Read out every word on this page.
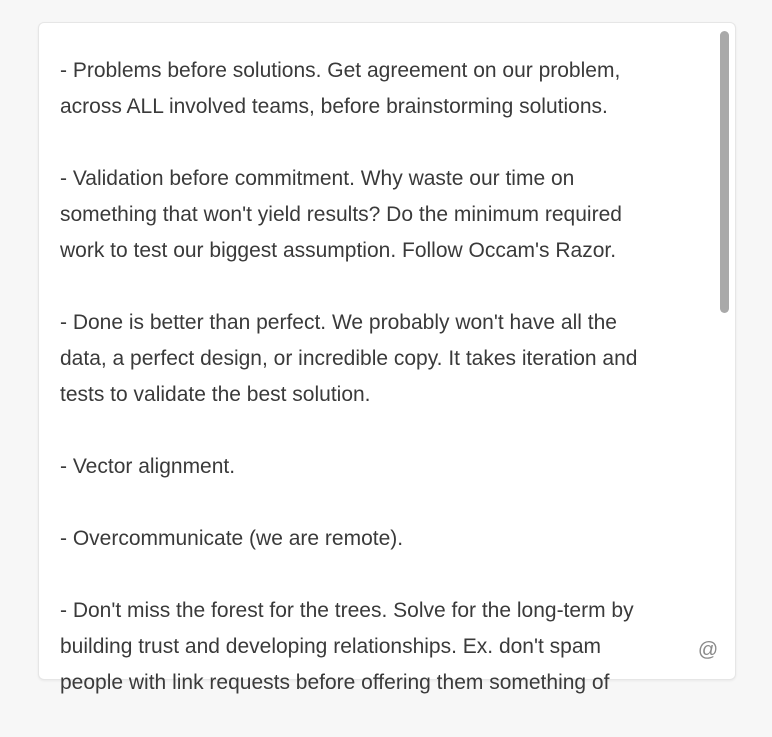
- Problems before solutions. Get agreement on our problem,
across ALL involved teams, before brainstorming solutions.

- Validation before commitment. Why waste our time on
something that won't yield results? Do the minimum required
work to test our biggest assumption. Follow Occam's Razor.

- Done is better than perfect. We probably won't have all the
data, a perfect design, or incredible copy. It takes iteration and
tests to validate the best solution.

- Vector alignment.

- Overcommunicate (we are remote).

- Don't miss the forest for the trees. Solve for the long-term by
building trust and developing relationships. Ex. don't spam
people with link requests before offering them something of

@
